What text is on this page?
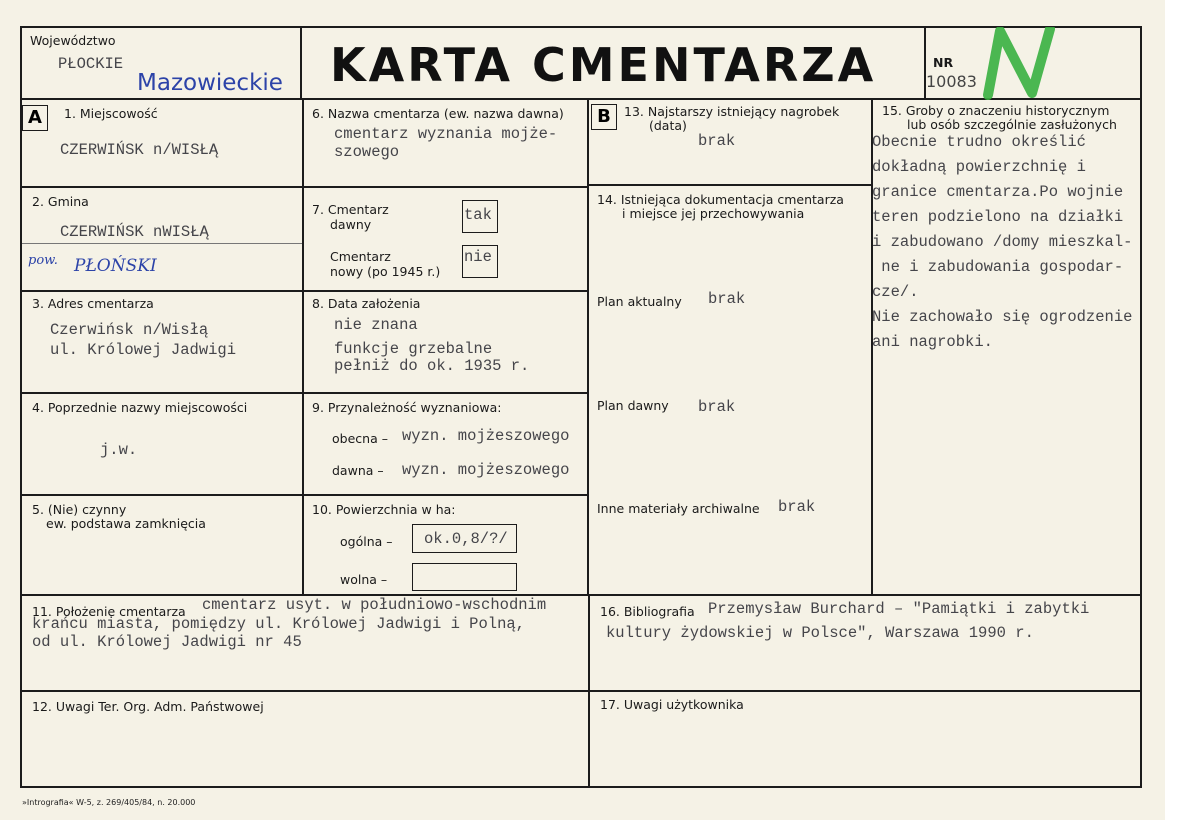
Województwo
PŁOCKIE
Mazowieckie KARTA CMENTARZA	NR
10083
A	1. Miejscowość
CZERWIŃSK n/WISŁĄ
2. Gmina
CZERWIŃSK nWISŁĄ
pow. PŁOŃSKI
3. Adres cmentarza
Czerwińsk n/Wisłą
ul. Królowej Jadwigi
4. Poprzednie nazwy miejscowości
j.w.
5. (Nie) czynny
ew. podstawa zamknięcia
6. Nazwa cmentarza (ew. nazwa dawna)
cmentarz wyznania mojże-
szowego
7. Cmentarz
dawny
tak
Cmentarz
nowy (po 1945 r.)
nie
8. Data założenia
nie znana
funkcje grzebalne
pełniż do ok. 1935 r.
9. Przynależność wyznaniowa:
obecna – wyzn. mojżeszowego
dawna – wyzn. mojżeszowego
10. Powierzchnia w ha:
ogólna – ok.0,8/?/
wolna –
B	13. Najstarszy istniejący nagrobek
(data)
brak
14. Istniejąca dokumentacja cmentarza
i miejsce jej przechowywania
Plan aktualny brak
Plan dawny brak
Inne materiały archiwalne brak
15. Groby o znaczeniu historycznym
lub osób szczególnie zasłużonych
Obecnie trudno określić
dokładną powierzchnię i
granice cmentarza.Po wojnie
teren podzielono na działki
i zabudowano /domy mieszkal-
ne i zabudowania gospodar-
cze/.
Nie zachowało się ogrodzenie
ani nagrobki.
11. Położenie cmentarza cmentarz usyt. w południowo-wschodnim
krańcu miasta, pomiędzy ul. Królowej Jadwigi i Polną,
od ul. Królowej Jadwigi nr 45
16. Bibliografia Przemysław Burchard – "Pamiątki i zabytki
kultury żydowskiej w Polsce", Warszawa 1990 r.
12. Uwagi Ter. Org. Adm. Państwowej	17. Uwagi użytkownika
»Intrografia« W-5, z. 269/405/84, n. 20.000
